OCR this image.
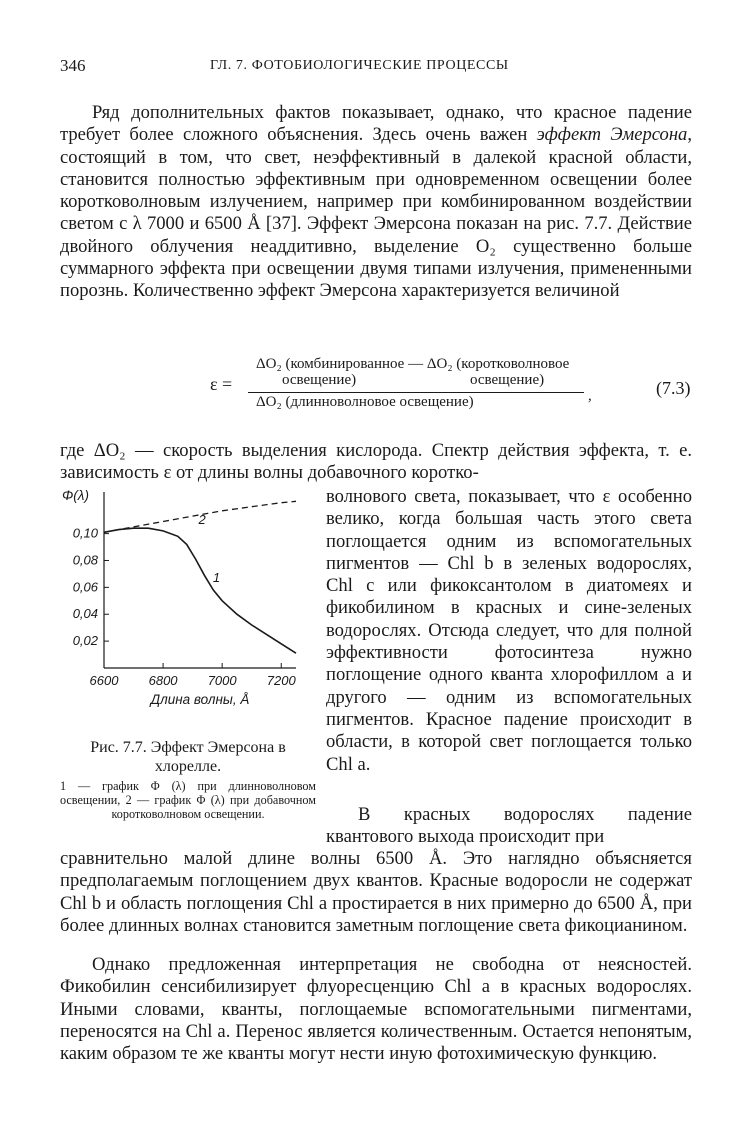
346	ГЛ. 7. ФОТОБИОЛОГИЧЕСКИЕ ПРОЦЕССЫ

Ряд дополнительных фактов показывает, однако, что красное падение требует более сложного объяснения. Здесь очень важен эффект Эмерсона, состоящий в том, что свет, неэффективный в далекой красной области, становится полностью эффективным при одновременном освещении более коротковолновым излучением, например при комбинированном воздействии светом с λ 7000 и 6500 Å [37]. Эффект Эмерсона показан на рис. 7.7. Действие двойного облучения неаддитивно, выделение O₂ существенно больше суммарного эффекта при освещении двумя типами излучения, примененными порознь. Количественно эффект Эмерсона характеризуется величиной

ε =
ΔO₂ (комбинированное — ΔO₂ (коротковолновое
освещение)	освещение)
ΔO₂ (длинноволновое освещение)	,	(7.3)

где ΔO₂ — скорость выделения кислорода. Спектр действия эффекта, т. е. зависимость ε от длины волны добавочного коротко-

волнового света, показывает, что ε особенно велико, когда большая часть этого света поглощается одним из вспомогательных пигментов — Chl b в зеленых водорослях, Chl c или фикоксантолом в диатомеях и фикобилином в красных и сине-зеленых водорослях. Отсюда следует, что для полной эффективности фотосинтеза нужно поглощение одного кванта хлорофиллом a и другого — одним из вспомогательных пигментов. Красное падение происходит в области, в которой свет поглощается только Chl a.

0,02
0,04
0,06
0,08
0,10
6600 6800 7000 7200
Φ(λ)
Длина волны, Å
1
2

Рис. 7.7. Эффект Эмерсона в хлорелле.

1 — график Φ (λ) при длинноволновом освещении, 2 — график Φ (λ) при добавочном коротковолновом освещении.	В красных водорослях падение квантового выхода происходит при

сравнительно малой длине волны 6500 Å. Это наглядно объясняется предполагаемым поглощением двух квантов. Красные водоросли не содержат Chl b и область поглощения Chl a простирается в них примерно до 6500 Å, при более длинных волнах становится заметным поглощение света фикоцианином.

Однако предложенная интерпретация не свободна от неясностей. Фикобилин сенсибилизирует флуоресценцию Chl a в красных водорослях. Иными словами, кванты, поглощаемые вспомогательными пигментами, переносятся на Chl a. Перенос является количественным. Остается непонятым, каким образом те же кванты могут нести иную фотохимическую функцию.
